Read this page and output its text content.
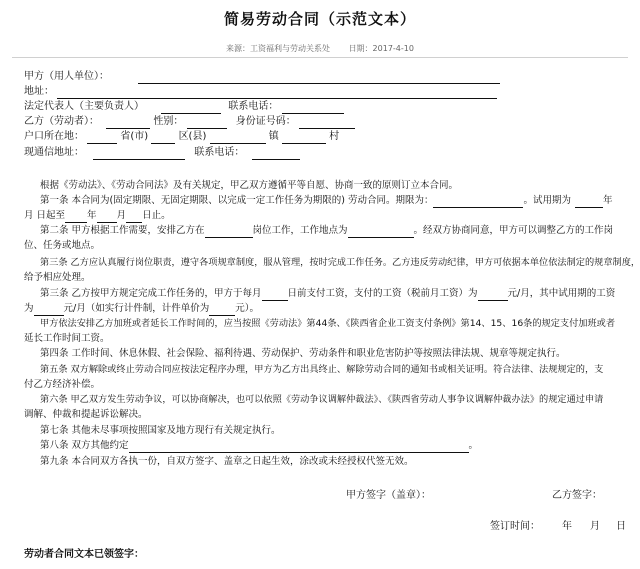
简易劳动合同（示范文本）
来源：工资福利与劳动关系处 日期：2017-4-10
甲方（用人单位）：
地址：
法定代表人（主要负责人）	联系电话：
乙方（劳动者）：	性别：	身份证号码：
户口所在地：	省(市)	区(县)	镇	村
现通信地址：	联系电话：
根据《劳动法》、《劳动合同法》及有关规定，甲乙双方遵循平等自愿、协商一致的原则订立本合同。
第一条 本合同为(固定期限、无固定期限、以完成一定工作任务为期限的) 劳动合同。期限为：	。试用期为	年
月 日起至 年 月 日止。
第二条 甲方根据工作需要，安排乙方在	岗位工作，工作地点为	。经双方协商同意，甲方可以调整乙方的工作岗
位、任务或地点。
第三条 乙方应认真履行岗位职责，遵守各项规章制度，服从管理，按时完成工作任务。乙方违反劳动纪律，甲方可依据本单位依法制定的规章制度，
给予相应处理。
第三条 乙方按甲方规定完成工作任务的，甲方于每月	日前支付工资，支付的工资（税前月工资）为	元/月，其中试用期的工资
为	元/月（如实行计件制，计件单价为	元）。
甲方依法安排乙方加班或者延长工作时间的，应当按照《劳动法》第44条、《陕西省企业工资支付条例》第14、15、16条的规定支付加班或者
延长工作时间工资。
第四条 工作时间、休息休假、社会保险、福利待遇、劳动保护、劳动条件和职业危害防护等按照法律法规、规章等规定执行。
第五条 双方解除或终止劳动合同应按法定程序办理，甲方为乙方出具终止、解除劳动合同的通知书或相关证明。符合法律、法规规定的，支
付乙方经济补偿。
第六条 甲乙双方发生劳动争议，可以协商解决，也可以依照《劳动争议调解仲裁法》、《陕西省劳动人事争议调解仲裁办法》的规定通过申请
调解、仲裁和提起诉讼解决。
第七条 其他未尽事项按照国家及地方现行有关规定执行。
第八条 双方其他约定	。
第九条 本合同双方各执一份，自双方签字、盖章之日起生效，涂改或未经授权代签无效。
甲方签字（盖章）：	乙方签字：
签订时间： 年 月 日
劳动者合同文本已领签字：
